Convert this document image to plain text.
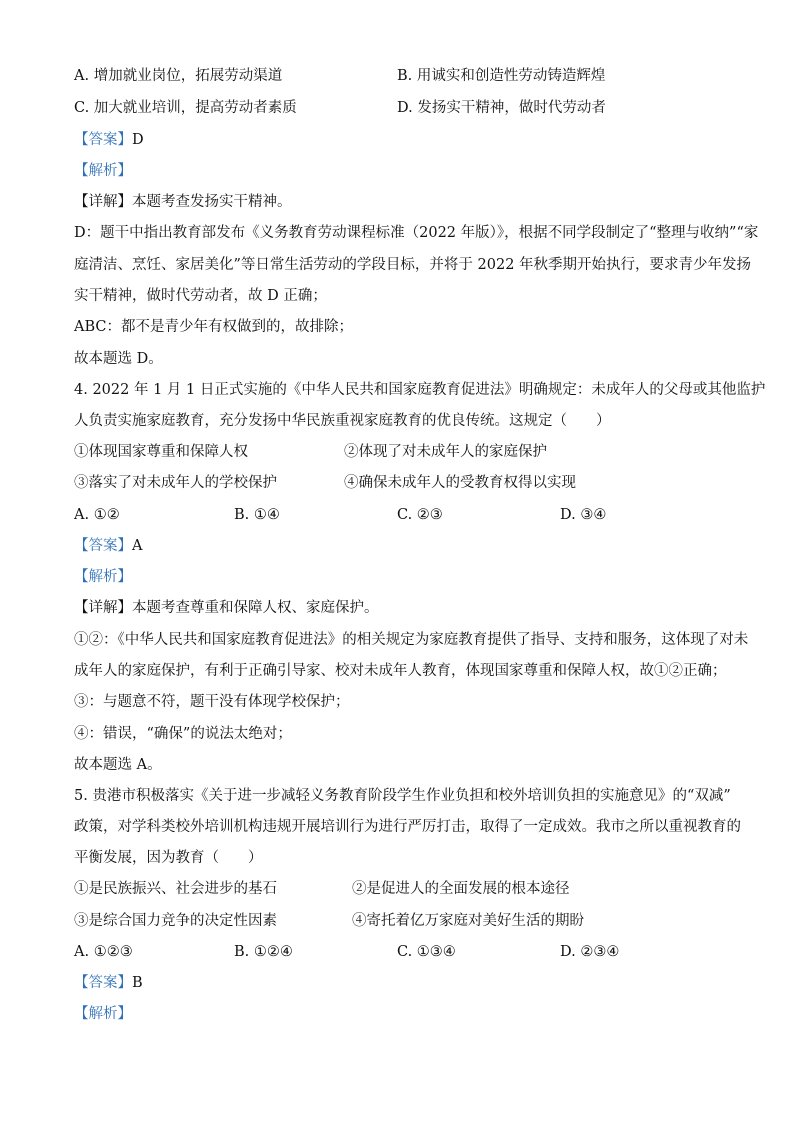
A. 增加就业岗位，拓展劳动渠道	B. 用诚实和创造性劳动铸造辉煌
C. 加大就业培训，提高劳动者素质	D. 发扬实干精神，做时代劳动者
【答案】D
【解析】
【详解】本题考查发扬实干精神。
D：题干中指出教育部发布《义务教育劳动课程标准（2022 年版）》，根据不同学段制定了“整理与收纳”“家
庭清洁、烹饪、家居美化”等日常生活劳动的学段目标，并将于 2022 年秋季期开始执行，要求青少年发扬
实干精神，做时代劳动者，故 D 正确；
ABC：都不是青少年有权做到的，故排除；
故本题选 D。
4. 2022 年 1 月 1 日正式实施的《中华人民共和国家庭教育促进法》明确规定：未成年人的父母或其他监护
人负责实施家庭教育，充分发扬中华民族重视家庭教育的优良传统。这规定（　　）
①体现国家尊重和保障人权	②体现了对未成年人的家庭保护
③落实了对未成年人的学校保护	④确保未成年人的受教育权得以实现
A. ①②	B. ①④	C. ②③	D. ③④
【答案】A
【解析】
【详解】本题考查尊重和保障人权、家庭保护。
①②：《中华人民共和国家庭教育促进法》的相关规定为家庭教育提供了指导、支持和服务，这体现了对未
成年人的家庭保护，有利于正确引导家、校对未成年人教育，体现国家尊重和保障人权，故①②正确；
③：与题意不符，题干没有体现学校保护；
④：错误，“确保”的说法太绝对；
故本题选 A。
5. 贵港市积极落实《关于进一步减轻义务教育阶段学生作业负担和校外培训负担的实施意见》的“双减”
政策，对学科类校外培训机构违规开展培训行为进行严厉打击，取得了一定成效。我市之所以重视教育的
平衡发展，因为教育（　　）
①是民族振兴、社会进步的基石	②是促进人的全面发展的根本途径
③是综合国力竞争的决定性因素	④寄托着亿万家庭对美好生活的期盼
A. ①②③	B. ①②④	C. ①③④	D. ②③④
【答案】B
【解析】
